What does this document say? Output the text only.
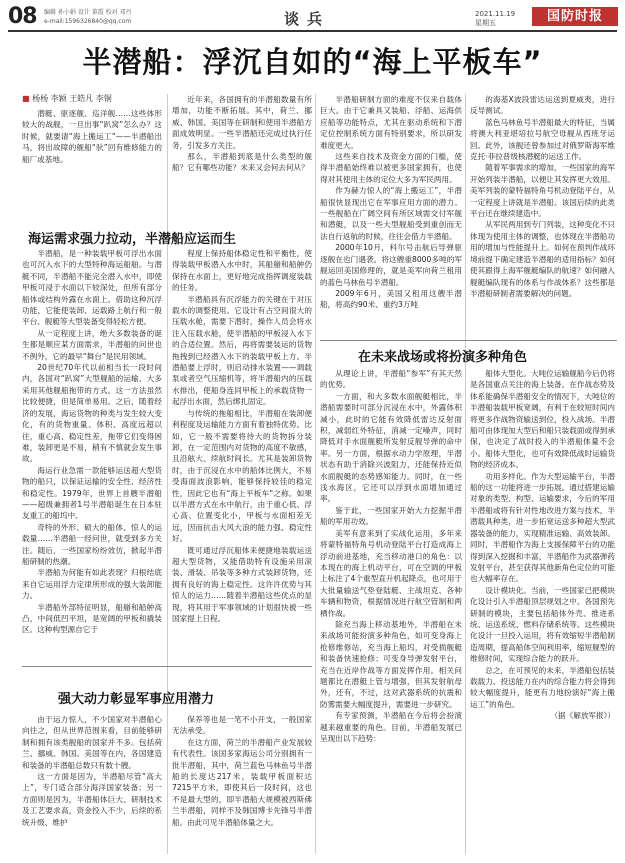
08 编辑 孙小娟 设计 董霞 校对 邓丹
e-mail:1596326840@qq.com	谈兵	2021.11.19
星期五	国防时报
半潜船：浮沉自如的“海上平板车”
■ 杨杨 李颖 王皓凡 李铜

潜艇、驱逐舰、巡洋舰……这些体形较大的战舰，一旦出事“趴窝”怎么办？这时候，就要请“海上搬运工”——半潜船出马，将出故障的舰船“驮”回有维修能力的船厂或基地。

近年来，各国拥有的半潜船数量有所增加，功能不断拓展。其中，荷兰、挪威、韩国、美国等在研制和使用半潜船方面成效明显。一些半潜船还完成过执行任务，引发多方关注。

那么，半潜船到底是什么类型的舰船？它有哪些功能？未来又会何去何从？

半潜船研制方面的难度不仅来自载体巨大。由于它兼具又装船、浮船、运海供应船等功能特点，尤其在驱动系统和下潜定位控制系统方面有特别要求，所以研发难度更大。

这些来自技术及资金方面的门槛，使得半潜船始终难以被更多国家拥有，也使得对其使用主体的定位大多为军民两用。

作为赫力惊人的“海上搬运工”，半潜船很快显现出它在军事应用方面的潜力。一些舰船在广阔空间有所区域需交付军舰和潜艇，以及一些大型舰船受到重创而无法自行返航的时候，往往会借力半潜船。

2000年10月，科尔号击航后导弹驱逐舰在也门遇袭。将这艘重8000多吨的军舰运回美国修理的，就是美军向荷兰租用的蓝色马林鱼号半潜船。

2009年6月，美国又租用这艘半潜船，将高约90米、重约3万吨

的海基X波段雷达运送到夏威夷，进行反导测试。

蓝色马林鱼号半潜船最大的特征，当属将澳大利亚堪培拉号航空母舰从西班牙运回。此外，该舰还曾参加过对俄罗斯海军维克托·菲拉普级核潜艇的运送工作。

随着军事需求的增加，一些国家的海军开始列装半潜船，以便让其发挥更大效用。美军列装的蒙特福特角号机动登陆平台，从一定程度上讲就是半潜船。该国后续的此类平台还在继续建造中。

从军民两用到专门列装，这种变化不只体现为使用主体的调整，也体现在半潜船功用的增加与性能提升上。如何在预判作战环境前提下确定建造半潜船的适用指标？如何使其跟得上海军舰艇编队的航速？如何融入舰艇编队现有的体系与作战体系？这些都是半潜船研制者需要解决的问题。

海运需求强力拉动，半潜船应运而生

半潜船，是一种装载甲板可浮出水面也可沉入水下的大型特种海运船舶。与潜艇不同，半潜船不能完全潜入水中，即使甲板可浸于水面以下较深处，但所有部分船体或结构外露在水面上。借助这种沉浮功能，它能使装卸、运载路上航行和一般平台、舰艇等大型装备变得轻松方便。

从一定程度上讲，绝大多数装备的诞生都是顺应某方面需求，半潜船的问世也不例外，它的最早“舞台”是民用领域。

20世纪70年代以前相当长一段时间内，各国对“趴窝”大型舰船的运输，大多采用其他舰船拖带的方式。这一方法虽然比较便捷，但是简单易用。之后，随着经济的发展，海运货物的种类与发生较大变化，有的货物重量、体积、高度远超以往，重心高、稳定性差，拖带它们变得困难，装卸更是不易，稍有不慎就会发生事故。

海运行业急需一款能够运送超大型货物的船只，以保证运输的安全性、经济性和稳定性。1979年，世界上首艘半潜船——超级兼拥者1号半潜船诞生在日本驻友重工的船坞中。

奇特的外形、硕大的船体、惊人的运载量……半潜船一经问世，就受到多方关注。随后，一些国家纷纷效仿，掀起半潜船研制的热潮。

半潜船为何能有如此表现？归根结底来自它运用浮力定律所形成的强大装卸能力。

半潜船外部特征明显，船艏和船舯高凸，中间低凹平坦，是宽阔的甲板和撬装区。这种构型源自它于

程度上保持船体稳定性和平衡性，使得装载甲板潜入水中时，其船艏和船舯仍保持在水面上，更好地完成指挥调度装载的任务。

半潜船具有沉浮能力的关键在于对压载水的调整使用。它设计有占空间很大的压载水舱，需要下潜时，操作人员会将水注入压载水舱，使半潜船的甲板浸入水下的合适位置。然后，再将需要装运的货物拖拽到已经潜入水下的装载甲板上方。半潜船要上浮时，则启动排水装置——调载泵或者空气压缩机等，将半潜船内的压载水排出，使船身连同甲板上的承载货物一起浮出水面，然后绑扎固定。

与传统的拖船相比，半潜船在装卸便利程度及运输能力方面有着独特优势。比如，它一般不需要将待大的货物拆分装卸，在一定范围内对货物的高度不敏感，且沿舷大、续航时间长。尤其是装卸货物时，由于沉浸在水中的船体比例大，不易受海面波浪影响，能够保持较佳的稳定性，因此它也有“海上平板车”之称。如果以半潜方式在水中航行，由于重心低、浮心高、位置变化小，甲板与水面相差无远，因而抗击大风大浪的能力强、稳定性好。

既可通过浮沉船体来便捷地装载运送超大型货物，又能借助特有设施采用滚装、滑装、吊装等多种方式装卸货物，还拥有良好的海上稳定性。这许许优势与其惊人的运力……随着半潜船这些优点的显现，将其用于军事领域的计划很快被一些国家提上日程。

强大动力彰显军事应用潜力

由于运力惊人，不少国家对半潜船心向往之，但从世界范围来看，目前能够研制和拥有该类舰船的国家并不多。包括荷兰、挪威、韩国、美国等在内，各国建造和装备的半潜船总数只有数十艘。

这一方面是因为，半潜船尽管“高大上”，专门适合部分海洋国家装备；另一方面则是因为，半潜船体巨大、研制技术及工艺要求高，资金投入不少，后续的系统升级、维护

保养等也是一笔不小开支，一般国家无法承受。

在这方面，荷兰的半潜船产业发展较有代表性。该国多家海运公司分别拥有一批半潜船，其中，荷兰蓝色马林鱼号半潜船的长度达217米，装载甲板面积达7215平方米，即使其后一段时间，这也不是最大型的，即半潜船大规模被西斯佛兰半潜船，同样不及韩国博卡先锋号半潜船。由此可见半潜船体量之大。

在未来战场或将扮演多种角色

从理论上讲，半潜船“参军”有其天然的优势。

一方面，和大多数水面舰艇相比，半潜船需要时可部分沉浸在水中，外露体积减小，此时的它能有效降低雷达反射面积，减弱红外特征，消减一定噪声，同时降低对手水面舰艇所发射反舰导弹的命中率。另一方面，根据水动力学原理，半潜状态有助于消除兴波阻力，还能保持近似水面舰艇的态势感知能力。同时，在一些浅水海区，它还可以浮到水面增加通过率。

鉴于此，一些国家开始大力挖掘半潜船的军用功效。

美军有意来到了实战化运用，多年来将蒙特福特角号机动登陆平台打造成海上浮动前进基地，充当移动港口的角色：以本现在的海上机动平台，可在空调的甲板上标注了4个重型直升机起降点，也可用于大批量输送气垫登陆艇、主战坦克、各种车辆和物资，根据情况进行航空管制和两栖作战。

除充当海上移动基地外，半潜船在未来战场可能扮演多种角色，如可变身海上抢修维修站，充当海上船坞，对受损舰艇和装备快速抢修；可变身导弹发射平台，充当在近岸作战等方面发挥作用。相关问题都比在潜艇上管与增强，但其发射航母外，还有，不过，这对武器系统的抗震和防雾需要大幅度提升，需要进一步研究。

有专家预测，半潜船在今后将会扮演越来越重要的角色。目前，半潜船发展已呈现出以下趋势：

船体大型化。大吨位运输舰船今后仍将是各国重点关注的海上装备。在作战态势及体系能确保半潜船安全的情况下，大吨位的半潜船装载甲板宽阔，有利于在较短时间内将更多作战物资输送到位，投入战场。半潜船可由体现加大型后和船只装载面或得到承保，也决定了战时投入的半潜船体量不会小。船体大型化，也可有效降低战时运输货物的经济成本。

功用多样化。作为大型运输平台，半潜船的这一功能将进一步拓展。通过搭建运输对象的类型、构型、运输要求，今后的军用半潜船或将有针对性地改进方案与技术，半潜载具种类，进一步拓宽运送多种超大型武器装备的能力，实现精准运输、高效装卸。同时，半潜船作为海上支援保障平台的功能得到深入挖掘和丰富，半潜船作为武器弹药发射平台，甚至获得其他新角色定位的可能也大幅率存在。

设计模块化。当前，一些国家已把模块化设计引入半潜船顶层规划之中。各国预先研制的模块，主要包括船体外壳、推进系统、运送系统、燃料存储系统等。这些模块化设计一旦投入运用，将有效缩短半潜船制造周期，提高船体空间利用率，缩短舰型的维修时间，实现综合能力的跃升。

总之，在可预见的未来，半潜船包括装载载力、投送能力在内的综合能力将会得到较大幅度提升，能更有力地扮演好“海上搬运工”的角色。

（据《解放军报》）
